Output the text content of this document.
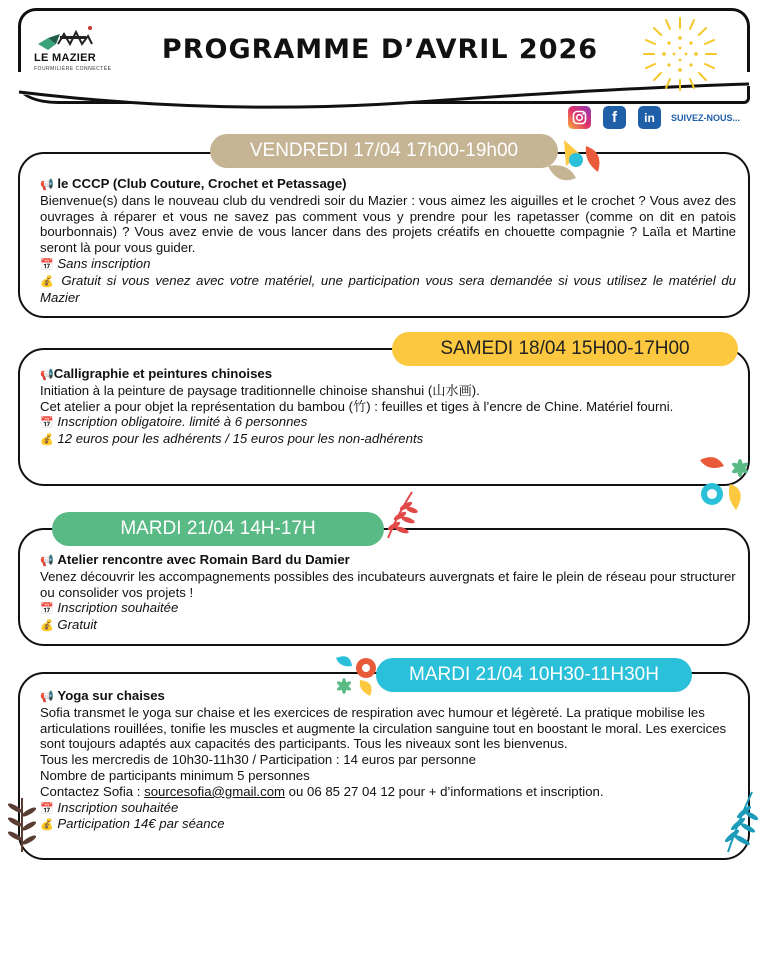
LE MAZIER
FOURMILIÈRE CONNECTÉE
PROGRAMME D’AVRIL 2026
f	in	SUIVEZ-NOUS...
📢 le CCCP (Club Couture, Crochet et Petassage)
Bienvenue(s) dans le nouveau club du vendredi soir du Mazier : vous aimez les aiguilles et le crochet ? Vous avez des ouvrages à réparer et vous ne savez pas comment vous y prendre pour les rapetasser (comme on dit en patois bourbonnais) ? Vous avez envie de vous lancer dans des projets créatifs en chouette compagnie ? Laïla et Martine seront là pour vous guider.
📅 Sans inscription
💰 Gratuit si vous venez avec votre matériel, une participation vous sera demandée si vous utilisez le matériel du Mazier
VENDREDI 17/04 17h00-19h00
📢Calligraphie et peintures chinoises
Initiation à la peinture de paysage traditionnelle chinoise shanshui (山水画).
Cet atelier a pour objet la représentation du bambou (竹) : feuilles et tiges à l’encre de Chine. Matériel fourni.
📅 Inscription obligatoire. limité à 6 personnes
💰 12 euros pour les adhérents / 15 euros pour les non-adhérents
SAMEDI 18/04 15H00-17H00
📢 Atelier rencontre avec Romain Bard du Damier
Venez découvrir les accompagnements possibles des incubateurs auvergnats et faire le plein de réseau pour structurer ou consolider vos projets !
📅 Inscription souhaitée
💰 Gratuit
MARDI 21/04 14H-17H
📢 Yoga sur chaises
Sofia transmet le yoga sur chaise et les exercices de respiration avec humour et légèreté. La pratique mobilise les articulations rouillées, tonifie les muscles et augmente la circulation sanguine tout en boostant le moral. Les exercices sont toujours adaptés aux capacités des participants. Tous les niveaux sont les bienvenus.
Tous les mercredis de 10h30-11h30 / Participation : 14 euros par personne
Nombre de participants minimum 5 personnes
Contactez Sofia : sourcesofia@gmail.com ou 06 85 27 04 12 pour + d’informations et inscription.
📅 Inscription souhaitée
💰 Participation 14€ par séance
MARDI 21/04 10H30-11H30H
